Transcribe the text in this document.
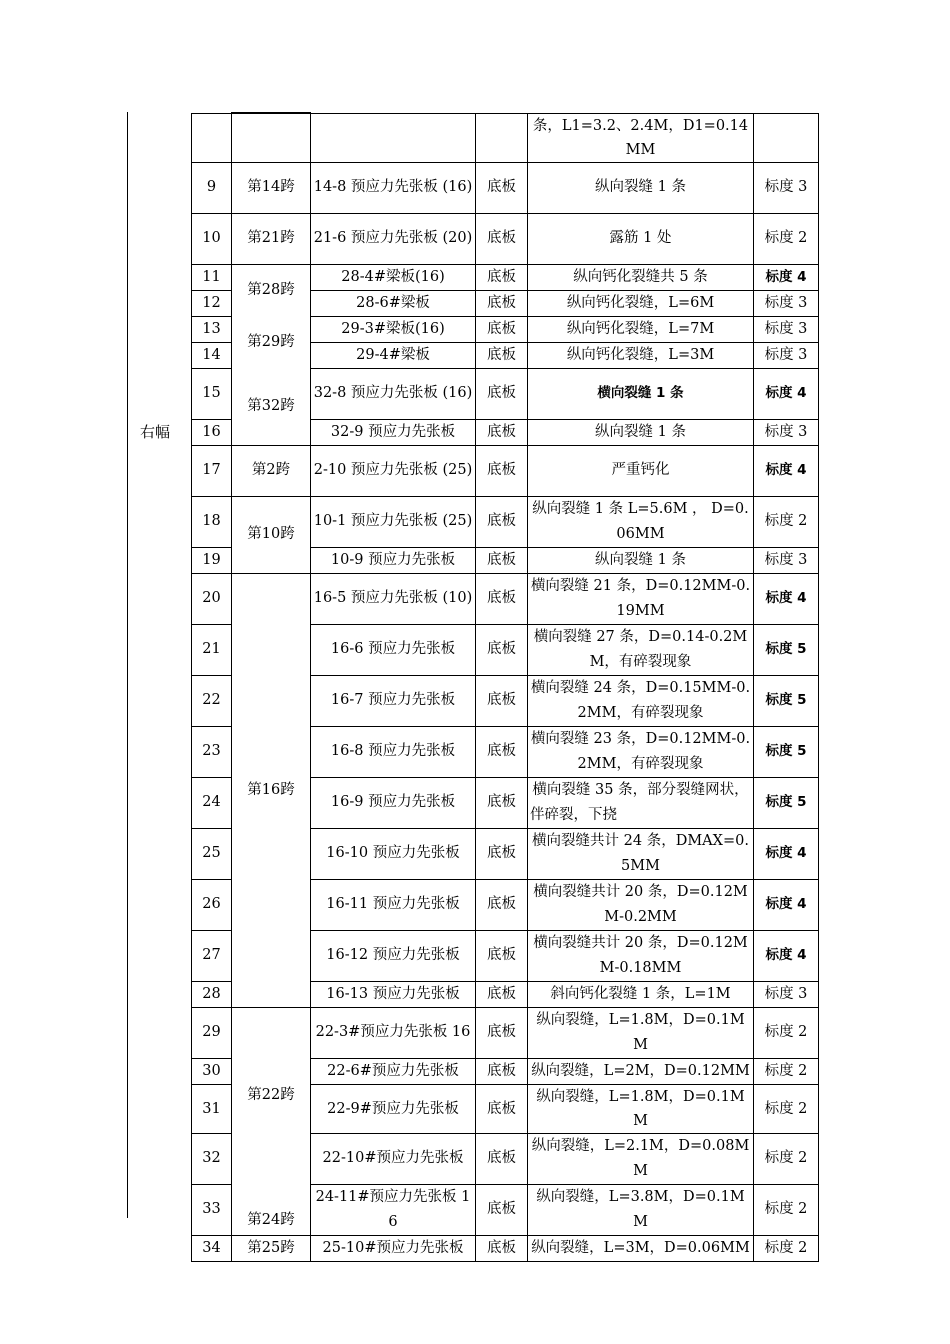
右幅
				条，L1=3.2、2.4M，D1=0.14MM	
9	第14跨	14-8 预应力先张板 (16)	底板	纵向裂缝 1 条	标度 3
10	第21跨	21-6 预应力先张板 (20)	底板	露筋 1 处	标度 2
11	第28跨	28-4#梁板(16)	底板	纵向钙化裂缝共 5 条	标度 4
12		28-6#梁板	底板	纵向钙化裂缝，L=6M	标度 3
13	第29跨	29-3#梁板(16)	底板	纵向钙化裂缝，L=7M	标度 3
14		29-4#梁板	底板	纵向钙化裂缝，L=3M	标度 3
15	第32跨	32-8 预应力先张板 (16)	底板	横向裂缝 1 条	标度 4
16		32-9 预应力先张板	底板	纵向裂缝 1 条	标度 3
17	第2跨	2-10 预应力先张板 (25)	底板	严重钙化	标度 4
18	第10跨	10-1 预应力先张板 (25)	底板	纵向裂缝 1 条 L=5.6M ， D=0.06MM	标度 2
19		10-9 预应力先张板	底板	纵向裂缝 1 条	标度 3
20	第16跨	16-5 预应力先张板 (10)	底板	横向裂缝 21 条，D=0.12MM-0.19MM	标度 4
21		16-6 预应力先张板	底板	横向裂缝 27 条，D=0.14-0.2MM，有碎裂现象	标度 5
22		16-7 预应力先张板	底板	横向裂缝 24 条，D=0.15MM-0.2MM，有碎裂现象	标度 5
23		16-8 预应力先张板	底板	横向裂缝 23 条，D=0.12MM-0.2MM，有碎裂现象	标度 5
24		16-9 预应力先张板	底板	横向裂缝 35 条，部分裂缝网状，伴碎裂，下挠	标度 5
25		16-10 预应力先张板	底板	横向裂缝共计 24 条，DMAX=0.5MM	标度 4
26		16-11 预应力先张板	底板	横向裂缝共计 20 条，D=0.12MM-0.2MM	标度 4
27		16-12 预应力先张板	底板	横向裂缝共计 20 条，D=0.12MM-0.18MM	标度 4
28		16-13 预应力先张板	底板	斜向钙化裂缝 1 条，L=1M	标度 3
29	第22跨	22-3#预应力先张板 16	底板	纵向裂缝，L=1.8M，D=0.1MM	标度 2
30		22-6#预应力先张板	底板	纵向裂缝，L=2M，D=0.12MM	标度 2
31		22-9#预应力先张板	底板	纵向裂缝，L=1.8M，D=0.1MM	标度 2
32		22-10#预应力先张板	底板	纵向裂缝，L=2.1M，D=0.08MM	标度 2
33	第24跨	24-11#预应力先张板 16	底板	纵向裂缝，L=3.8M，D=0.1MM	标度 2
34	第25跨	25-10#预应力先张板	底板	纵向裂缝，L=3M，D=0.06MM	标度 2
